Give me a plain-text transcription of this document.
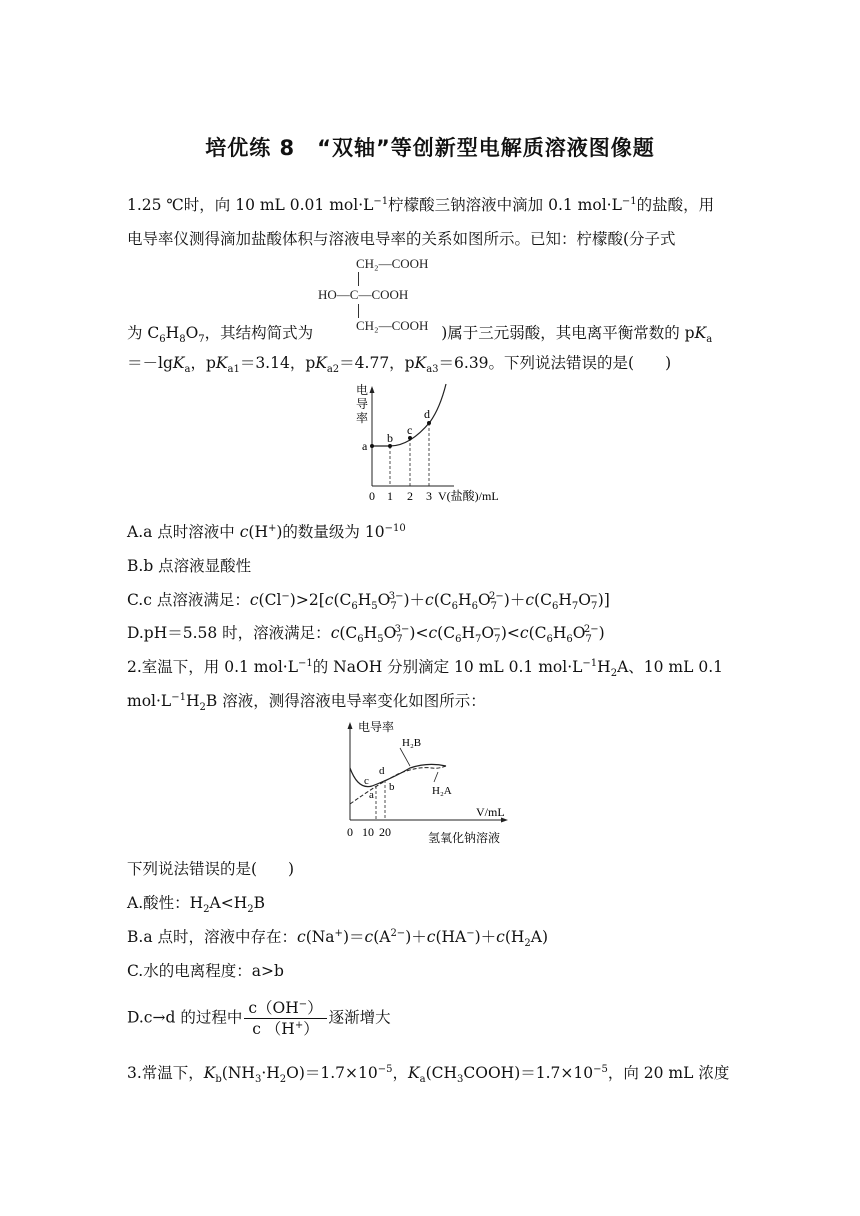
培优练 8　“双轴”等创新型电解质溶液图像题
1.25 ℃时，向 10 mL 0.01 $mol\cdot L^{-1}$柠檬酸三钠溶液中滴加 0.1 $mol\cdot L^{-1}$的盐酸，用
电导率仪测得滴加盐酸体积与溶液电导率的关系如图所示。已知：柠檬酸(分子式
CH₂—COOH
HO—C—COOH
CH₂—COOH
为 $C_6H_8O_7$，其结构简式为	)属于三元弱酸，其电离平衡常数的 $pK_a$
＝－lgK$_a$，$pK_{a1}=3.14$，$pK_{a2}=4.77$，$pK_{a3}=6.39$。下列说法错误的是(　　)
电
导
率
a
b
c
d
0 1 2 3 V(盐酸)/mL
A.a 点时溶液中 c(H+)的数量级为 $10^{-10}$
B.b 点溶液显酸性
C.c 点溶液满足：$c(Cl^-)>2[c(C_6H_5O_7^{3-})+c(C_6H_6O_7^{2-})+c(C_6H_7O_7^-)]$
D.pH＝5.58 时，溶液满足：$c(C_6H_5O_7^{3-})<c(C_6H_7O_7^-)<c(C_6H_6O_7^{2-})$
2.室温下，用 0.1 $mol\cdot L^{-1}$的 NaOH 分别滴定 10 mL 0.1 $mol\cdot L^{-1}H_2A$、10 mL 0.1
$mol\cdot L^{-1}H_2B$ 溶液，测得溶液电导率变化如图所示：
电导率
V/mL
H₂B
H₂A
c
d
a
b
0 10 20	氢氧化钠溶液
下列说法错误的是(　　)
A.酸性：$H_2A<H_2B$
B.a 点时，溶液中存在：$c(Na^+)=c(A^{2-})+c(HA^-)+c(H_2A)$
C.水的电离程度：a>b
D.c→d 的过程中 $\frac{c(OH^-)}{c (H^+)}$ 逐渐增大
3.常温下，$K_b(NH_3\cdot H_2O)=1.7\times 10^{-5}$，$K_a(CH_3COOH)=1.7\times 10^{-5}$，向 20 mL 浓度
